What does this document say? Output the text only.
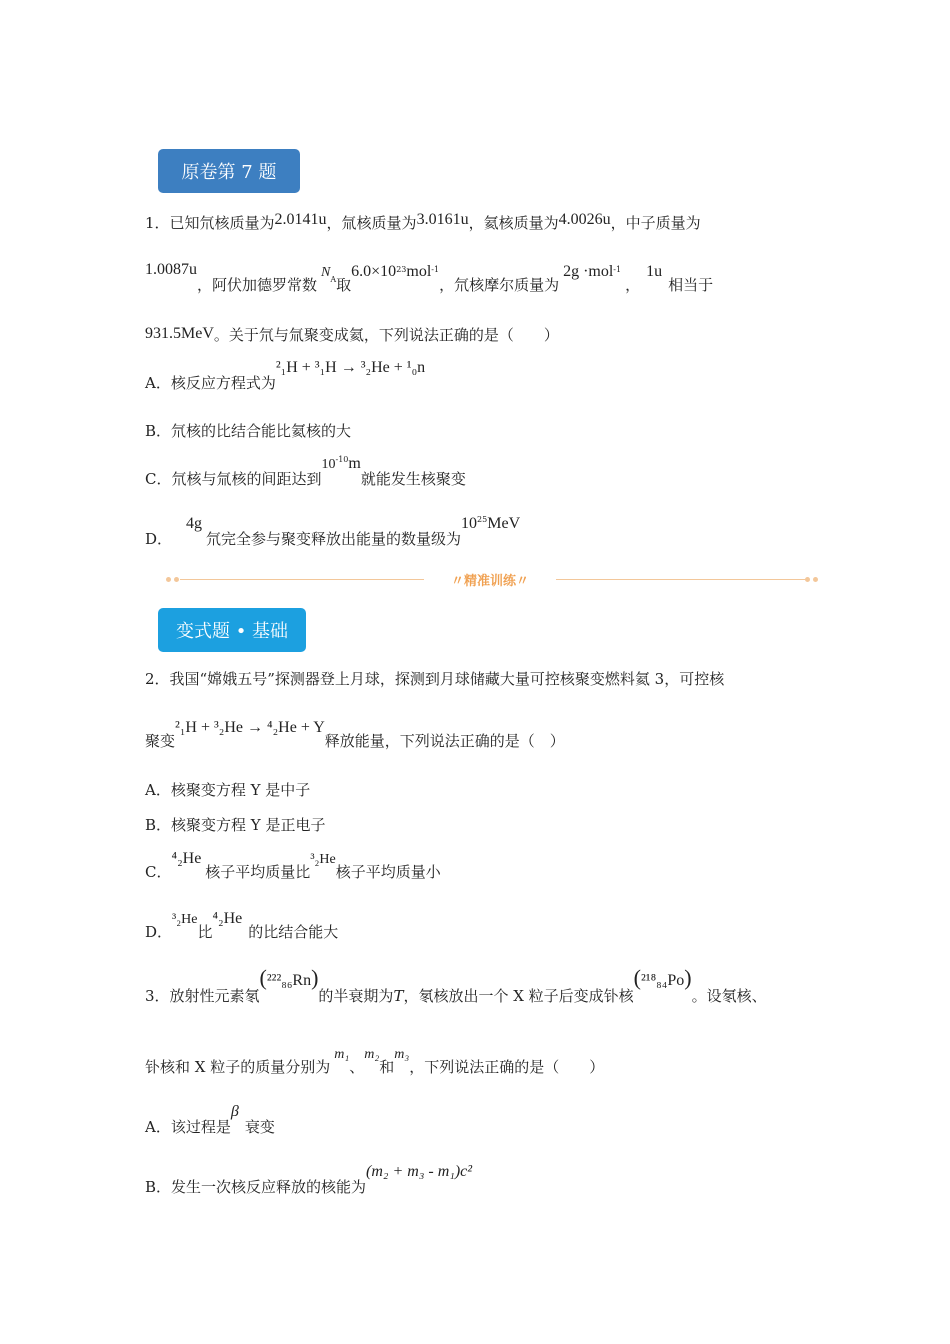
原卷第 7 题
1．已知氘核质量为2.0141u，氚核质量为3.0161u，氦核质量为4.0026u，中子质量为
1.0087u，阿伏加德罗常数$N_A$取$6.0\times 10^{23}mol^{-1}$，氘核摩尔质量为2g ·mol$^{-1}$，1u相当于
931.5MeV。关于氘与氚聚变成氦，下列说法正确的是（　　）
A．核反应方程式为²₁H + ³₁H → ³₂He + ¹₀n
B．氘核的比结合能比氦核的大
C．氘核与氚核的间距达到$10^{-10}m$就能发生核聚变
D．4g氘完全参与聚变释放出能量的数量级为$10^{25}MeV$
〃精准训练〃
变式题 • 基础
2．我国“嫦娥五号”探测器登上月球，探测到月球储藏大量可控核聚变燃料氦 3，可控核
聚变²₁H + ³₂He → ⁴₂He + Y释放能量，下列说法正确的是（　）
A．核聚变方程 Y 是中子
B．核聚变方程 Y 是正电子
C．⁴₂He核子平均质量比³₂He核子平均质量小
D．³₂He比⁴₂He的比结合能大
3．放射性元素氡(²²²₈₆Rn)的半衰期为T，氡核放出一个 X 粒子后变成钋核(²¹⁸₈₄Po)。设氡核、
钋核和 X 粒子的质量分别为m₁、m₂和m₃，下列说法正确的是（　　）
A．该过程是β衰变
B．发生一次核反应释放的核能为(m₂ + m₃ - m₁)c²
